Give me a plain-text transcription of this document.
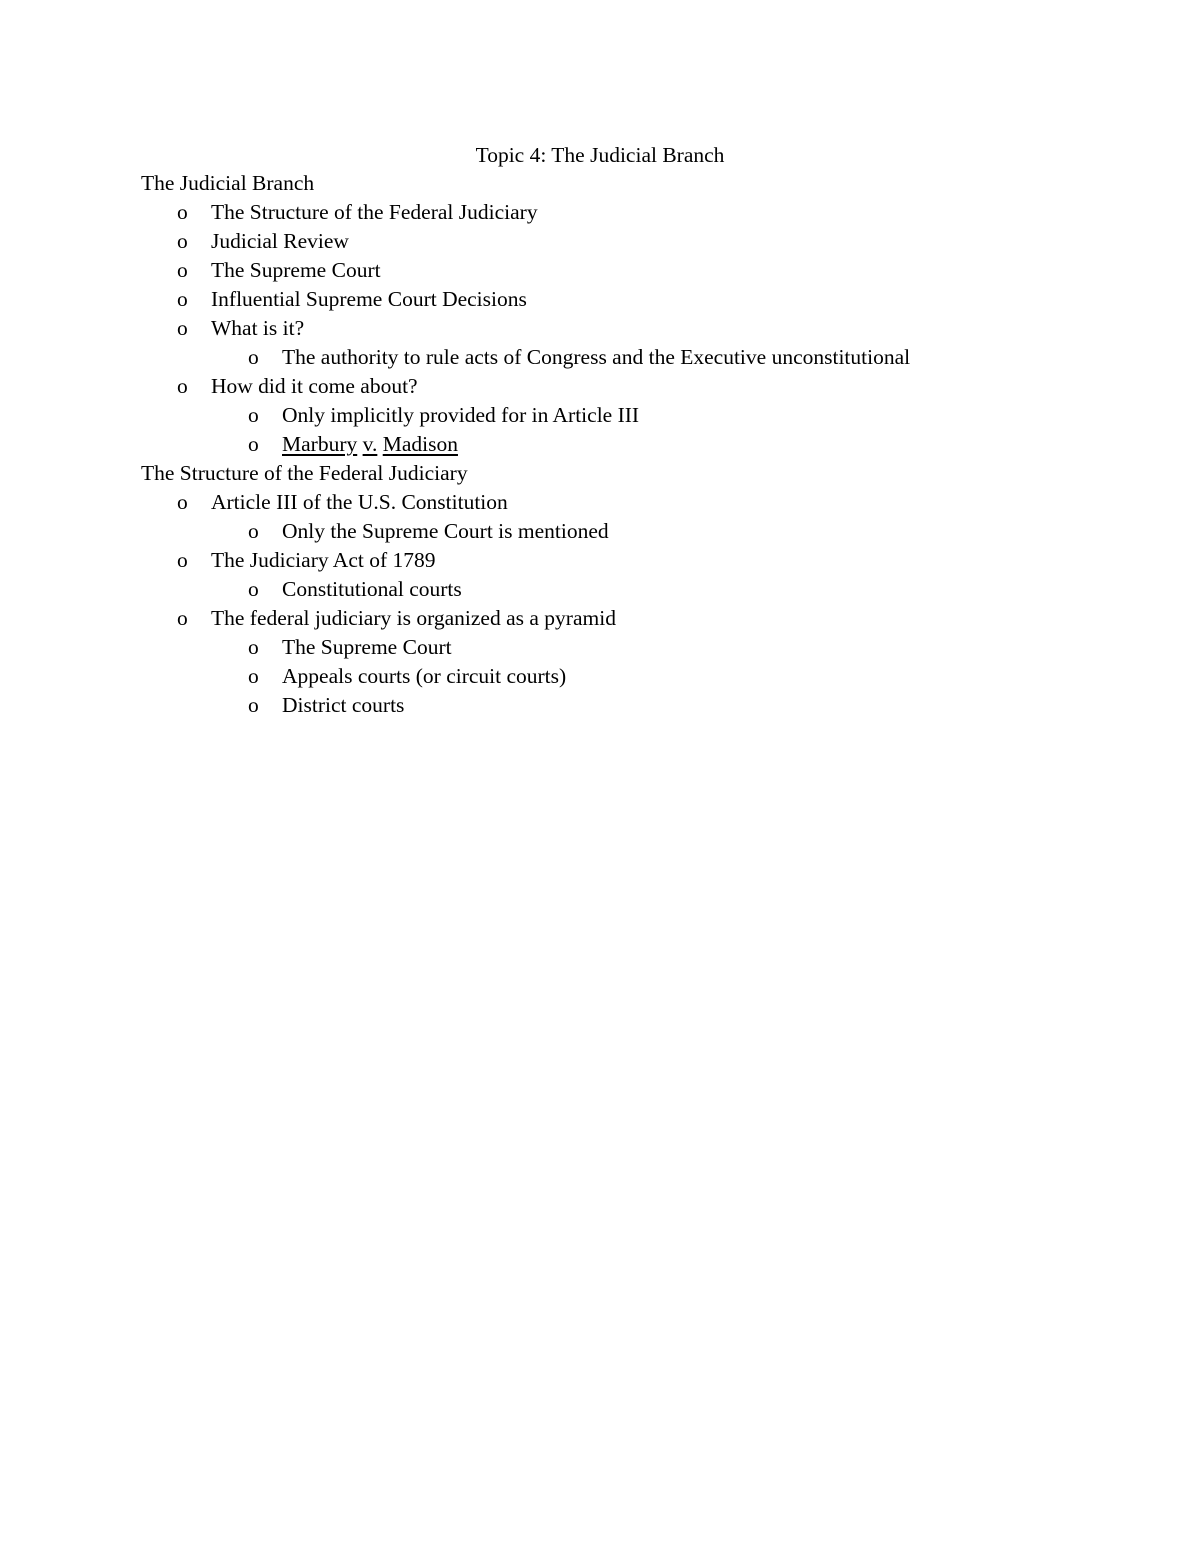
Topic 4: The Judicial Branch
The Judicial Branch
o The Structure of the Federal Judiciary
o Judicial Review
o The Supreme Court
o Influential Supreme Court Decisions
o What is it?
o The authority to rule acts of Congress and the Executive unconstitutional
o How did it come about?
o Only implicitly provided for in Article III
o Marbury v. Madison
The Structure of the Federal Judiciary
o Article III of the U.S. Constitution
o Only the Supreme Court is mentioned
o The Judiciary Act of 1789
o Constitutional courts
o The federal judiciary is organized as a pyramid
o The Supreme Court
o Appeals courts (or circuit courts)
o District courts
